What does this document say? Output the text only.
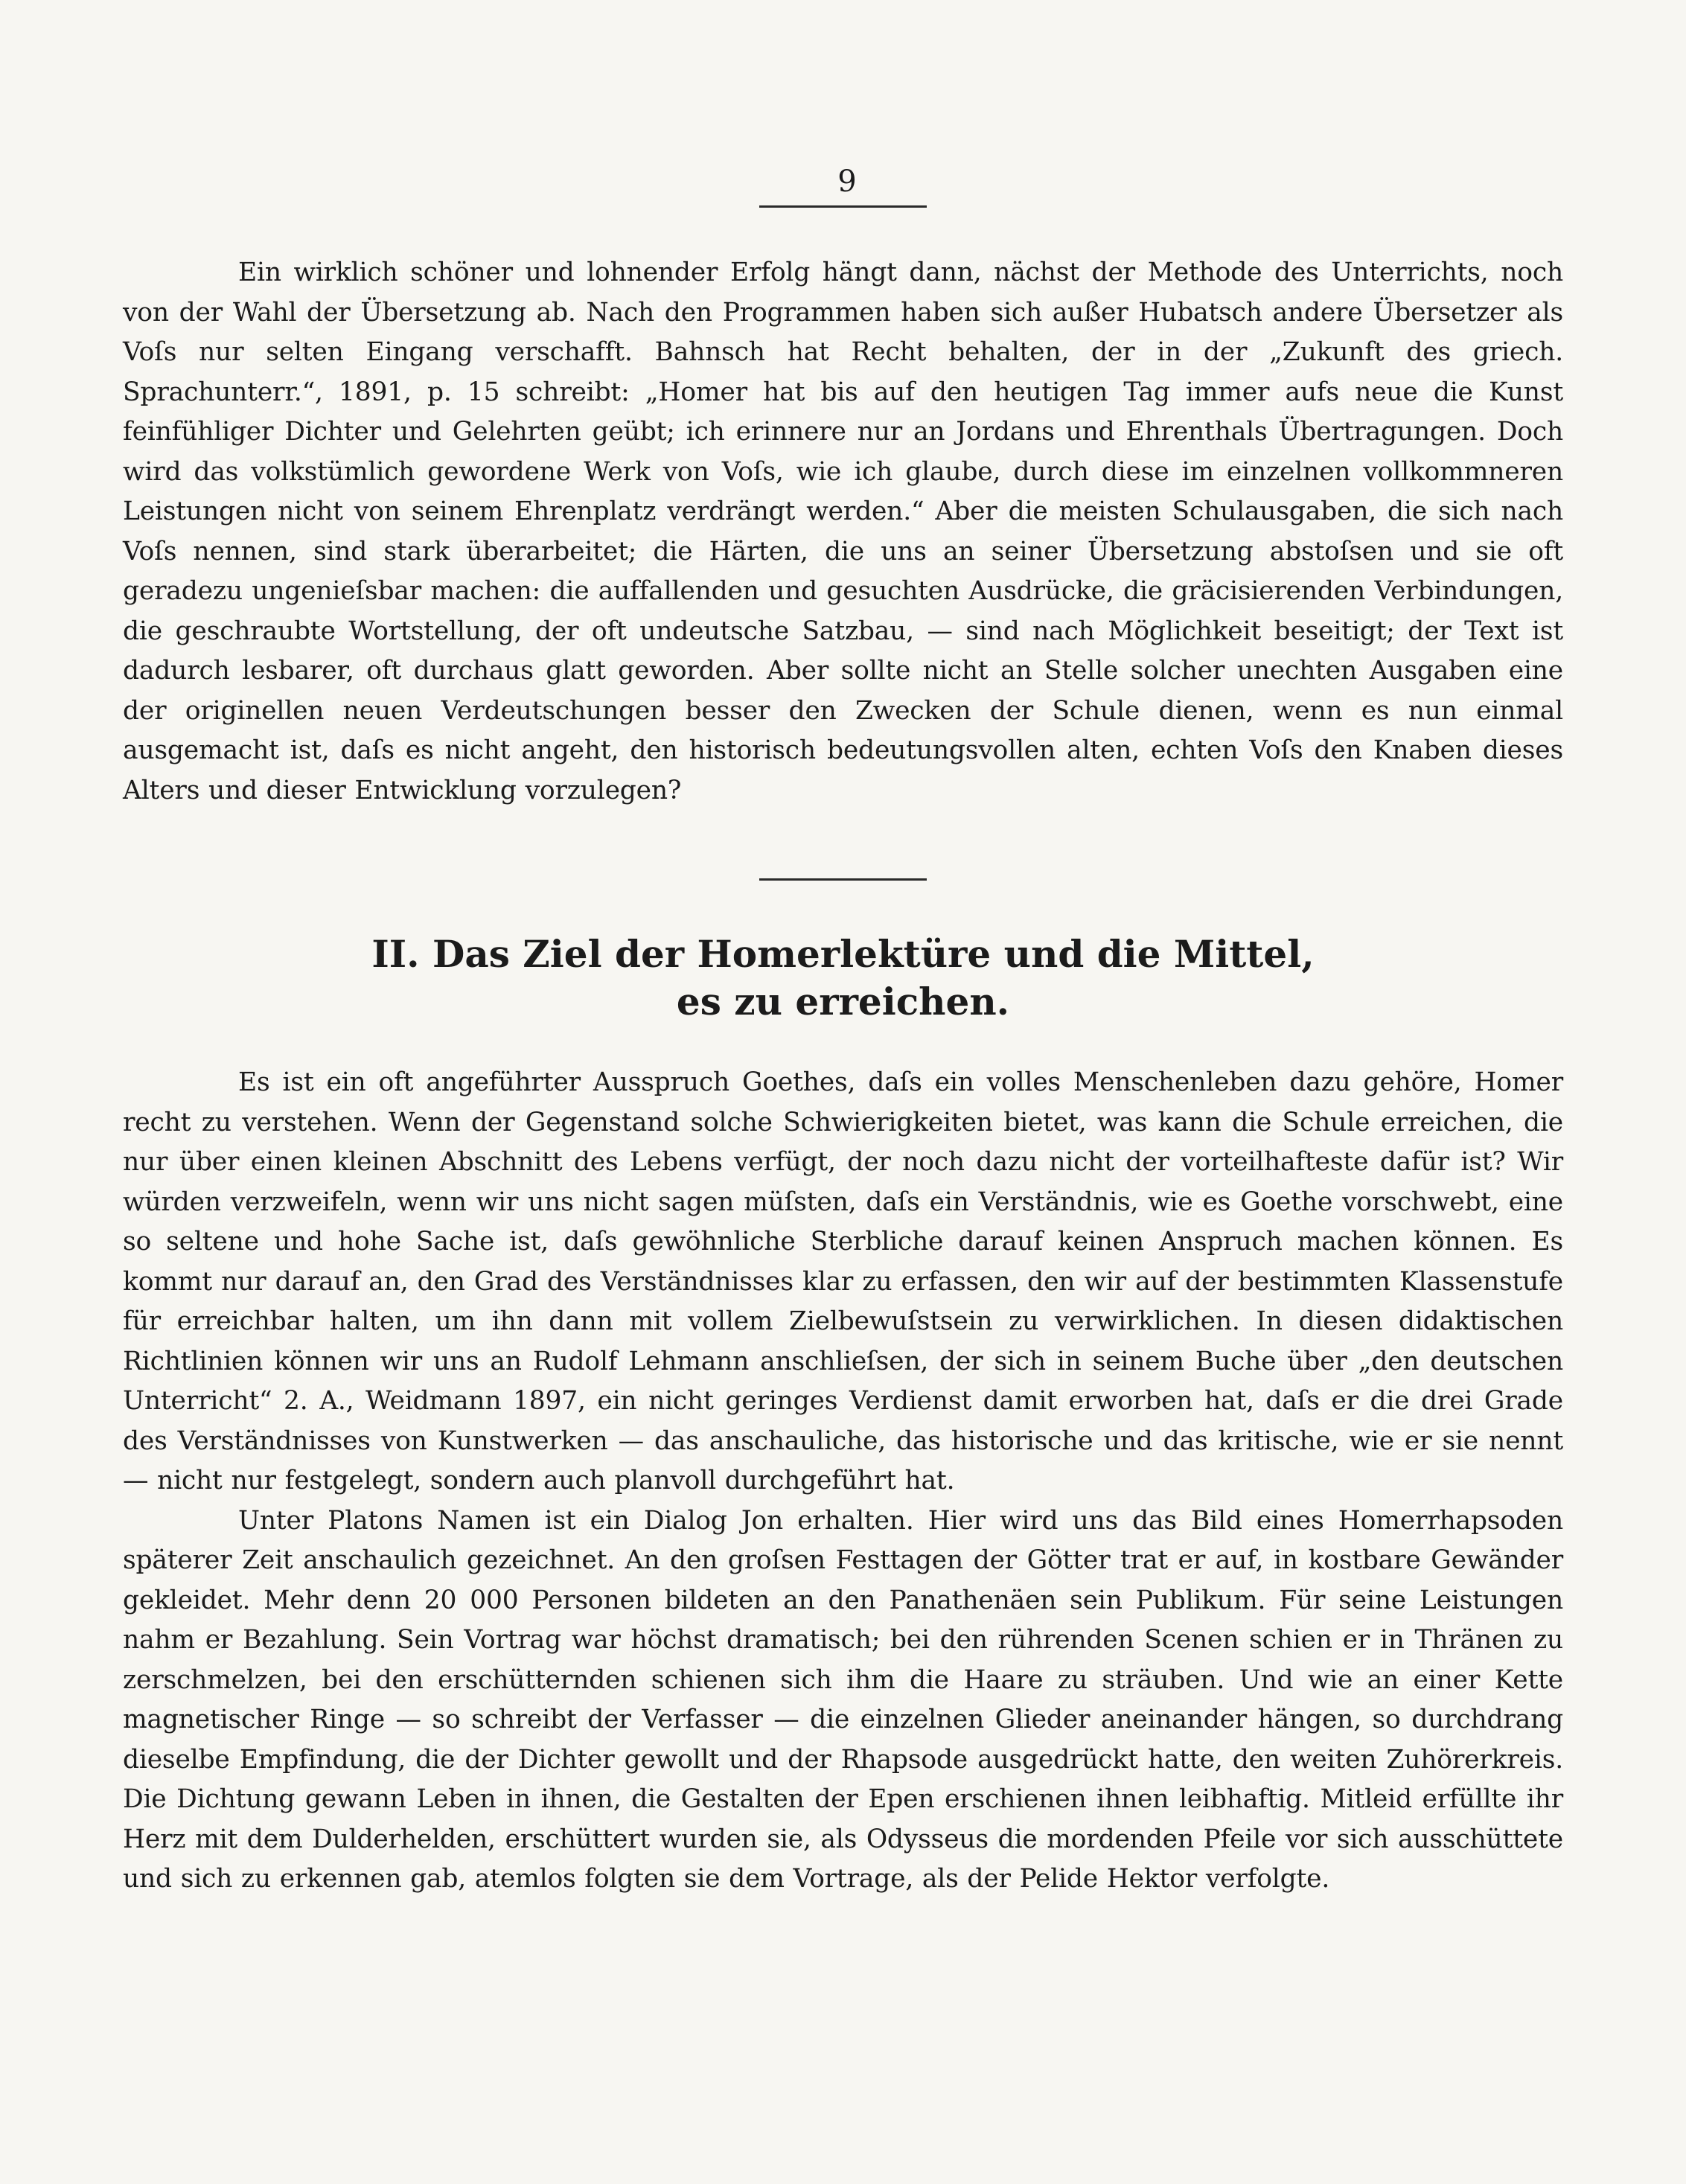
9

Ein wirklich schöner und lohnender Erfolg hängt dann, nächst der Methode des Unterrichts, noch von der Wahl der Übersetzung ab. Nach den Programmen haben sich außer Hubatsch andere Übersetzer als Voſs nur selten Eingang verschafft. Bahnsch hat Recht behalten, der in der „Zukunft des griech. Sprachunterr.“, 1891, p. 15 schreibt: „Homer hat bis auf den heutigen Tag immer aufs neue die Kunst feinfühliger Dichter und Gelehrten geübt; ich erinnere nur an Jordans und Ehrenthals Übertragungen. Doch wird das volkstümlich gewordene Werk von Voſs, wie ich glaube, durch diese im einzelnen vollkommneren Leistungen nicht von seinem Ehrenplatz verdrängt werden.“ Aber die meisten Schulausgaben, die sich nach Voſs nennen, sind stark überarbeitet; die Härten, die uns an seiner Übersetzung abstoſsen und sie oft geradezu ungenieſsbar machen: die auffallenden und gesuchten Ausdrücke, die gräcisierenden Verbindungen, die geschraubte Wortstellung, der oft undeutsche Satzbau, — sind nach Möglichkeit beseitigt; der Text ist dadurch lesbarer, oft durchaus glatt geworden. Aber sollte nicht an Stelle solcher unechten Ausgaben eine der originellen neuen Verdeutschungen besser den Zwecken der Schule dienen, wenn es nun einmal ausgemacht ist, daſs es nicht angeht, den historisch bedeutungsvollen alten, echten Voſs den Knaben dieses Alters und dieser Entwicklung vorzulegen?

II. Das Ziel der Homerlektüre und die Mittel,
es zu erreichen.

Es ist ein oft angeführter Ausspruch Goethes, daſs ein volles Menschenleben dazu gehöre, Homer recht zu verstehen. Wenn der Gegenstand solche Schwierigkeiten bietet, was kann die Schule erreichen, die nur über einen kleinen Abschnitt des Lebens verfügt, der noch dazu nicht der vorteilhafteste dafür ist? Wir würden verzweifeln, wenn wir uns nicht sagen müſsten, daſs ein Verständnis, wie es Goethe vorschwebt, eine so seltene und hohe Sache ist, daſs gewöhnliche Sterbliche darauf keinen Anspruch machen können. Es kommt nur darauf an, den Grad des Verständnisses klar zu erfassen, den wir auf der bestimmten Klassenstufe für erreichbar halten, um ihn dann mit vollem Zielbewuſstsein zu verwirklichen. In diesen didaktischen Richtlinien können wir uns an Rudolf Lehmann anschlieſsen, der sich in seinem Buche über „den deutschen Unterricht“ 2. A., Weidmann 1897, ein nicht geringes Verdienst damit erworben hat, daſs er die drei Grade des Verständnisses von Kunstwerken — das anschauliche, das historische und das kritische, wie er sie nennt — nicht nur festgelegt, sondern auch planvoll durchgeführt hat.

Unter Platons Namen ist ein Dialog Jon erhalten. Hier wird uns das Bild eines Homerrhapsoden späterer Zeit anschaulich gezeichnet. An den groſsen Festtagen der Götter trat er auf, in kostbare Gewänder gekleidet. Mehr denn 20 000 Personen bildeten an den Panathenäen sein Publikum. Für seine Leistungen nahm er Bezahlung. Sein Vortrag war höchst dramatisch; bei den rührenden Scenen schien er in Thränen zu zerschmelzen, bei den erschütternden schienen sich ihm die Haare zu sträuben. Und wie an einer Kette magnetischer Ringe — so schreibt der Verfasser — die einzelnen Glieder aneinander hängen, so durchdrang dieselbe Empfindung, die der Dichter gewollt und der Rhapsode ausgedrückt hatte, den weiten Zuhörerkreis. Die Dichtung gewann Leben in ihnen, die Gestalten der Epen erschienen ihnen leibhaftig. Mitleid erfüllte ihr Herz mit dem Dulderhelden, erschüttert wurden sie, als Odysseus die mordenden Pfeile vor sich ausschüttete und sich zu erkennen gab, atemlos folgten sie dem Vortrage, als der Pelide Hektor verfolgte.
